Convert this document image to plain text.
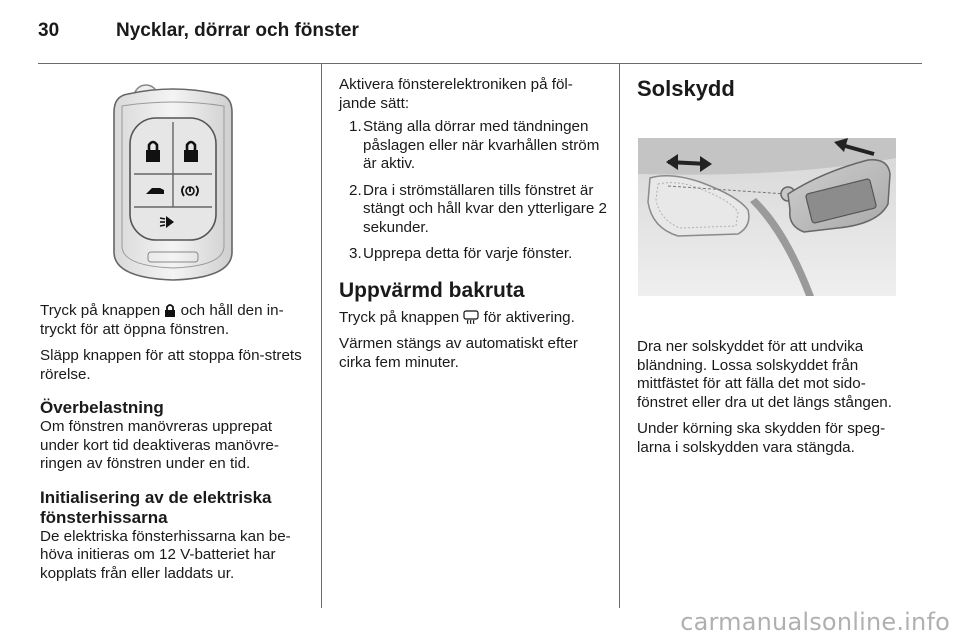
30	Nycklar, dörrar och fönster

Tryck på knappen och håll den in-tryckt för att öppna fönstren.

Släpp knappen för att stoppa fön-strets rörelse.

Överbelastning

Om fönstren manövreras upprepat under kort tid deaktiveras manövre-ringen av fönstren under en tid.

Initialisering av de elektriska fönsterhissarna

De elektriska fönsterhissarna kan be-höva initieras om 12 V-batteriet har kopplats från eller laddats ur.

Aktivera fönsterelektroniken på föl-jande sätt:

1. Stäng alla dörrar med tändningen påslagen eller när kvarhållen ström är aktiv.
2. Dra i strömställaren tills fönstret är stängt och håll kvar den ytterligare 2 sekunder.
3. Upprepa detta för varje fönster.
Uppvärmd bakruta

Tryck på knappen för aktivering.

Värmen stängs av automatiskt efter cirka fem minuter.

Solskydd

Dra ner solskyddet för att undvika bländning. Lossa solskyddet från mittfästet för att fälla det mot sido-fönstret eller dra ut det längs stången.

Under körning ska skydden för speg-larna i solskydden vara stängda.

carmanualsonline.info
